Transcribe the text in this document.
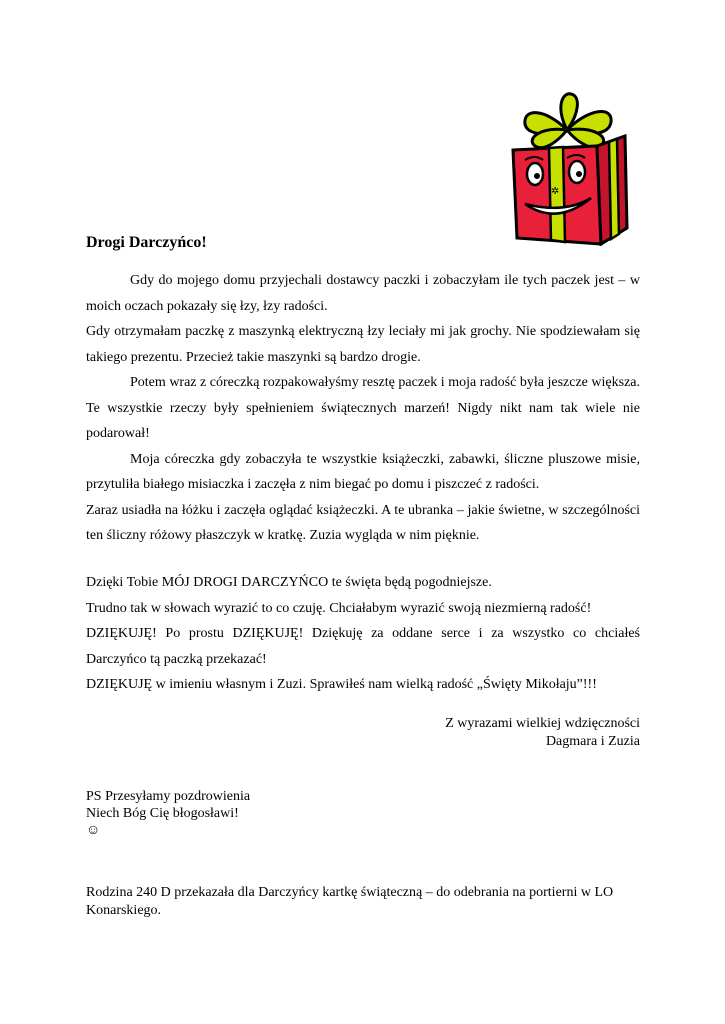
✲
Drogi Darczyńco!

Gdy do mojego domu przyjechali dostawcy paczki i zobaczyłam ile tych paczek jest – w moich oczach pokazały się łzy, łzy radości.

Gdy otrzymałam paczkę z maszynką elektryczną łzy leciały mi jak grochy. Nie spodziewałam się takiego prezentu. Przecież takie maszynki są bardzo drogie.

Potem wraz z córeczką rozpakowałyśmy resztę paczek i moja radość była jeszcze większa. Te wszystkie rzeczy były spełnieniem świątecznych marzeń! Nigdy nikt nam tak wiele nie podarował!

Moja córeczka gdy zobaczyła te wszystkie książeczki, zabawki, śliczne pluszowe misie, przytuliła białego misiaczka i zaczęła z nim biegać po domu i piszczeć z radości.

Zaraz usiadła na łóżku i zaczęła oglądać książeczki. A te ubranka – jakie świetne, w szczególności ten śliczny różowy płaszczyk w kratkę. Zuzia wygląda w nim pięknie.

Dzięki Tobie MÓJ DROGI DARCZYŃCO te święta będą pogodniejsze.

Trudno tak w słowach wyrazić to co czuję. Chciałabym wyrazić swoją niezmierną radość!

DZIĘKUJĘ! Po prostu DZIĘKUJĘ! Dziękuję za oddane serce i za wszystko co chciałeś Darczyńco tą paczką przekazać!

DZIĘKUJĘ w imieniu własnym i Zuzi. Sprawiłeś nam wielką radość „Święty Mikołaju”!!!

Z wyrazami wielkiej wdzięczności
Dagmara i Zuzia
PS Przesyłamy pozdrowienia
Niech Bóg Cię błogosławi!
☺
Rodzina 240 D przekazała dla Darczyńcy kartkę świąteczną – do odebrania na portierni w LO Konarskiego.
